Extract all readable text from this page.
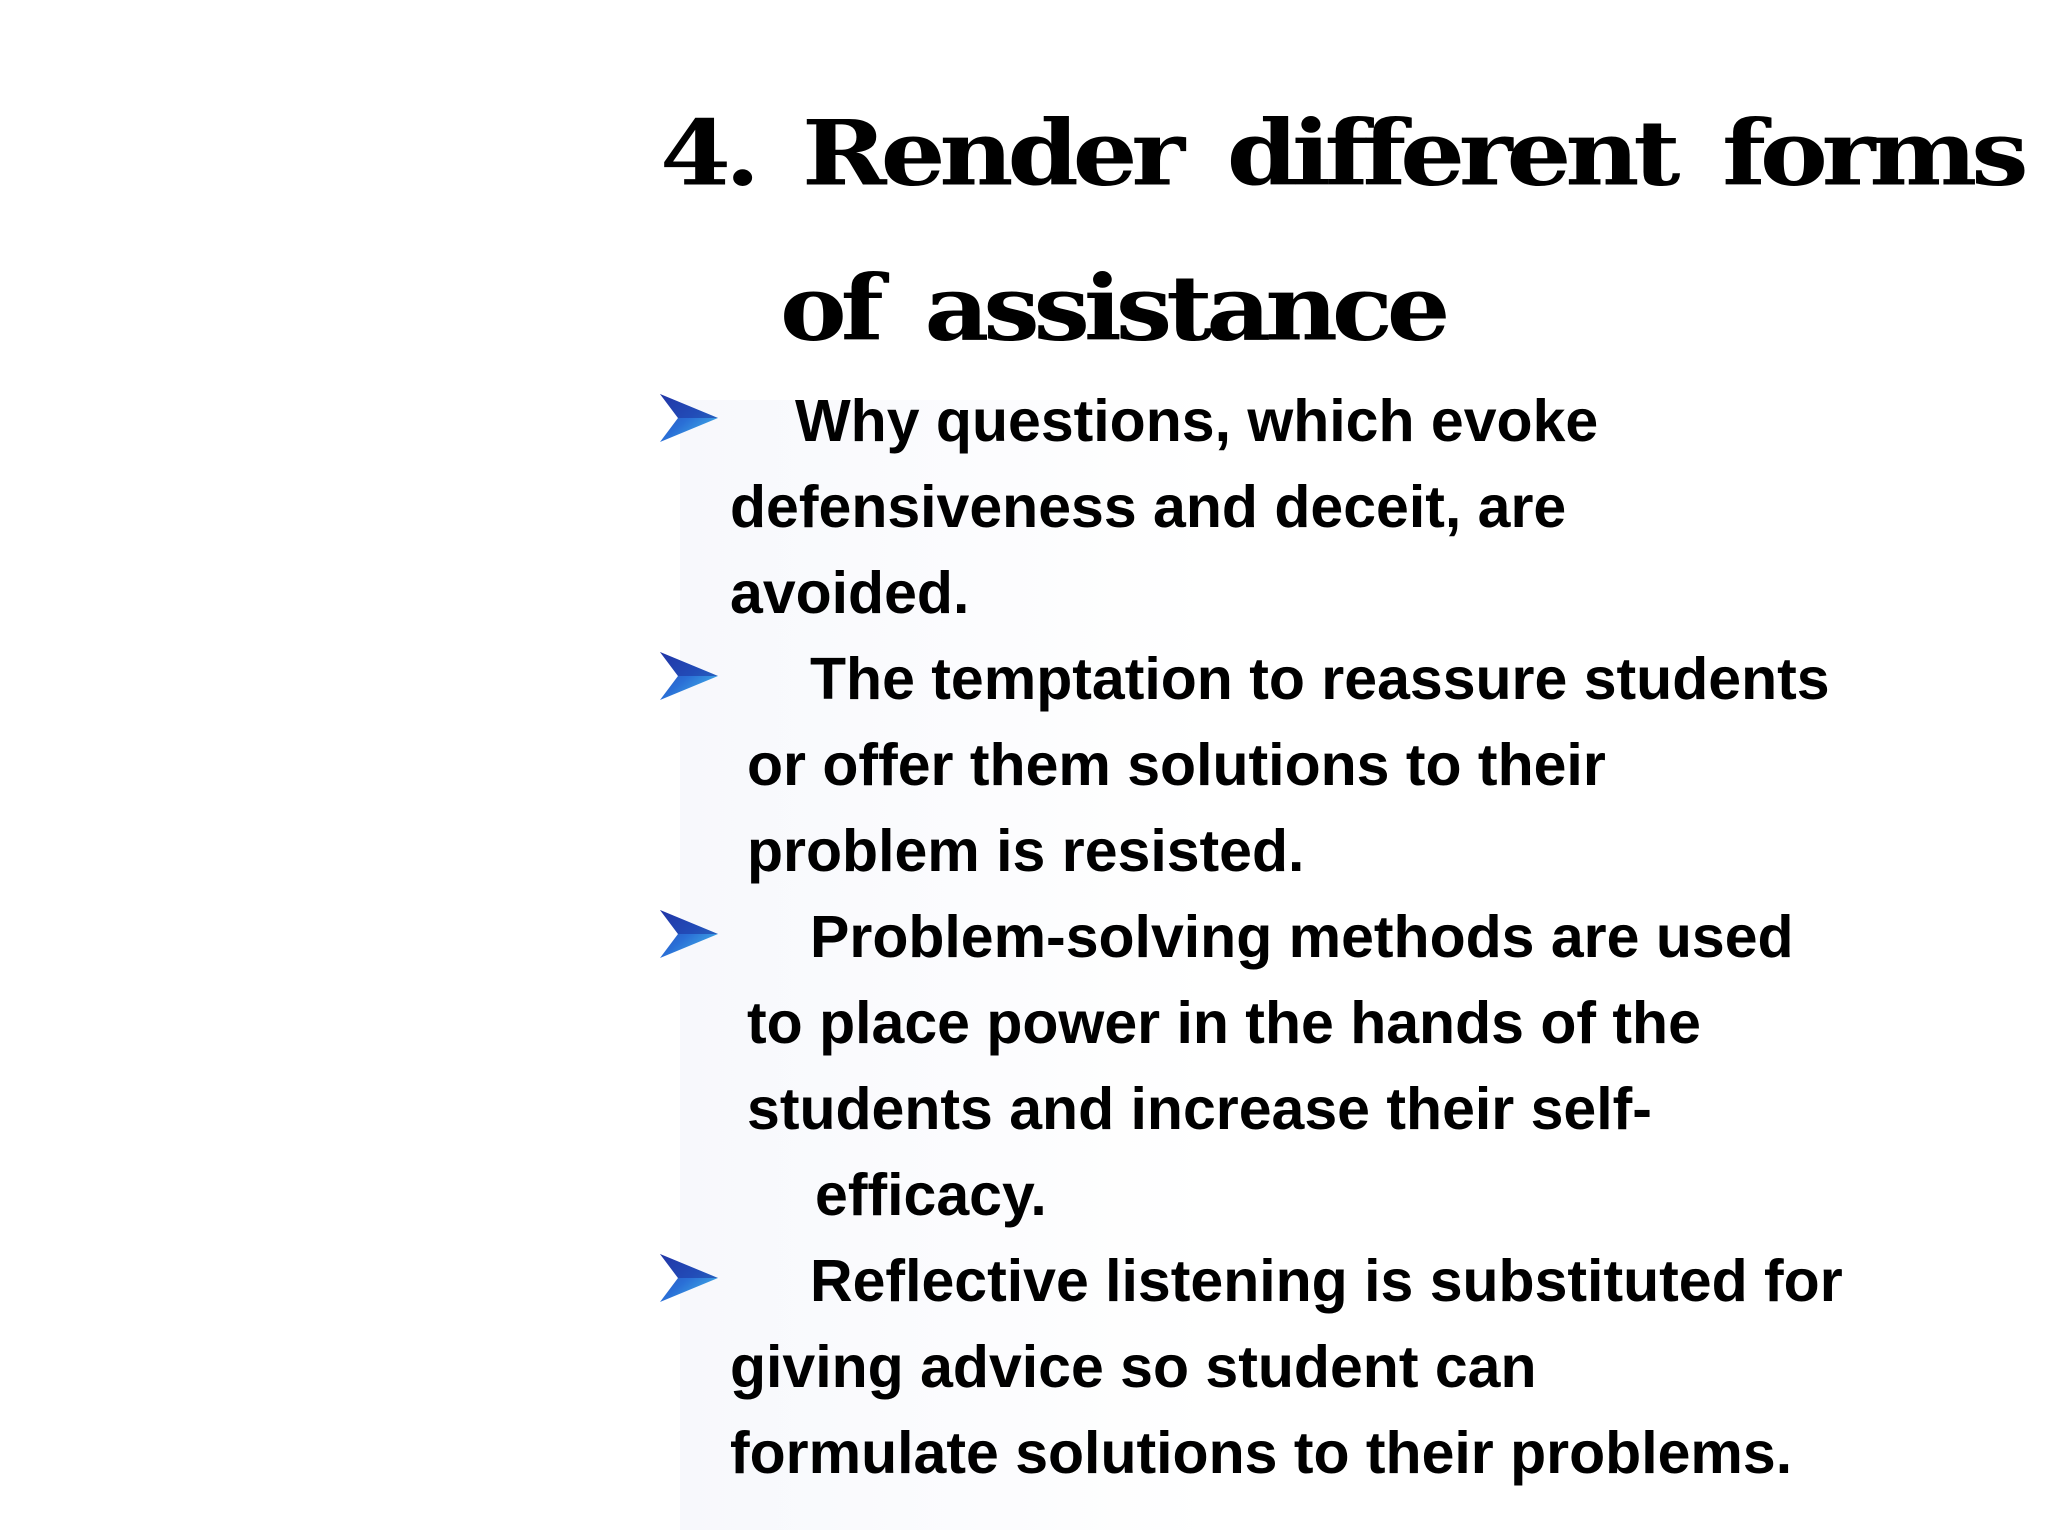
4. Render different forms
of assistance
Why questions, which evoke
defensiveness and deceit, are
avoided.
The temptation to reassure students
or offer them solutions to their
problem is resisted.
Problem-solving methods are used
to place power in the hands of the
students and increase their self-
efficacy.
Reflective listening is substituted for
giving advice so student can
formulate solutions to their problems.
